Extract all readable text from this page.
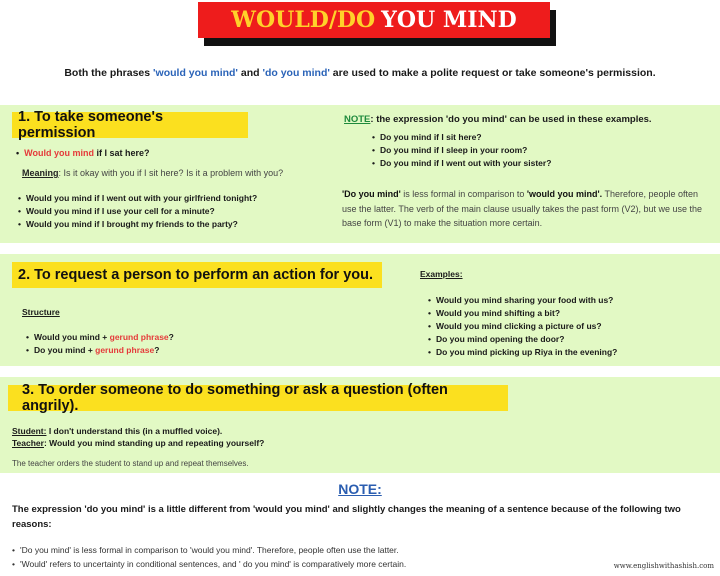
WOULD/DO YOU MIND
Both the phrases 'would you mind' and 'do you mind' are used to make a polite request or take someone's permission.
1. To take someone's permission
• Would you mind if I sat here?
Meaning: Is it okay with you if I sit here? Is it a problem with you?
• Would you mind if I went out with your girlfriend tonight?
• Would you mind if I use your cell for a minute?
• Would you mind if I brought my friends to the party?
NOTE: the expression 'do you mind' can be used in these examples.
• Do you mind if I sit here?
• Do you mind if I sleep in your room?
• Do you mind if I went out with your sister?
'Do you mind' is less formal in comparison to 'would you mind'. Therefore, people often use the latter. The verb of the main clause usually takes the past form (V2), but we use the base form (V1) to make the situation more certain.
2. To request a person to perform an action for you.
Structure
• Would you mind + gerund phrase?
• Do you mind + gerund phrase?
Examples:
• Would you mind sharing your food with us?
• Would you mind shifting a bit?
• Would you mind clicking a picture of us?
• Do you mind opening the door?
• Do you mind picking up Riya in the evening?
3. To order someone to do something or ask a question (often angrily).
Student: I don't understand this (in a muffled voice).
Teacher: Would you mind standing up and repeating yourself?
The teacher orders the student to stand up and repeat themselves.
NOTE:
The expression 'do you mind' is a little different from 'would you mind' and slightly changes the meaning of a sentence because of the following two reasons:
• 'Do you mind' is less formal in comparison to 'would you mind'. Therefore, people often use the latter.
• 'Would' refers to uncertainty in conditional sentences, and ' do you mind' is comparatively more certain.	www.englishwithashish.com
